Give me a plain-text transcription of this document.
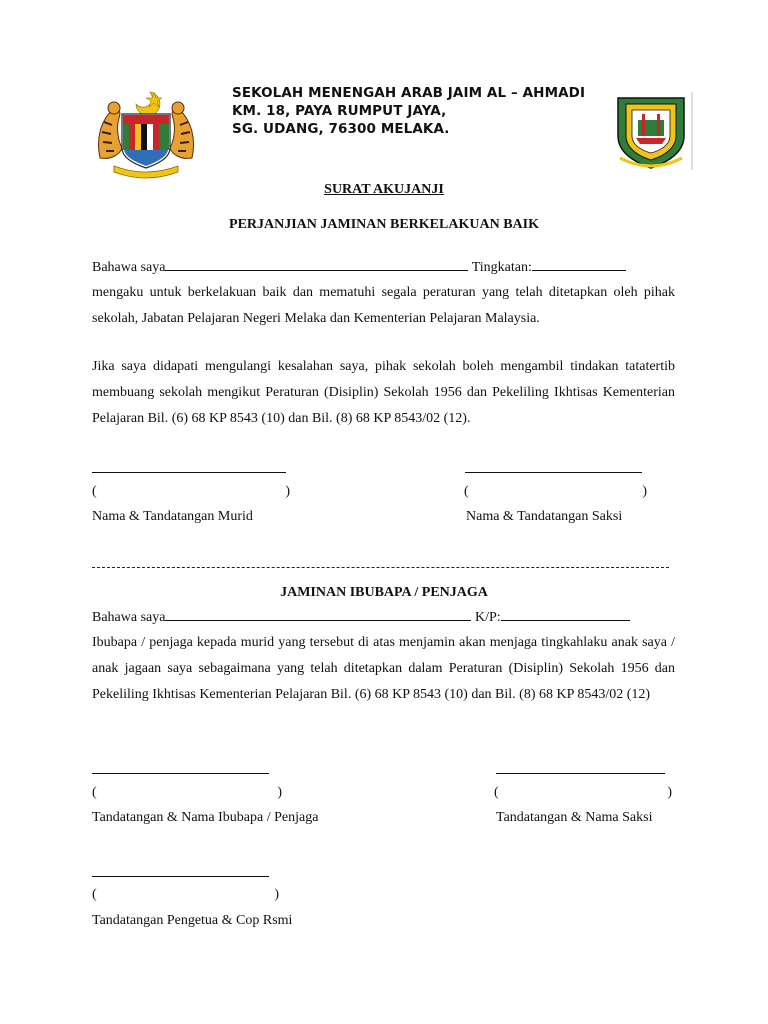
SEKOLAH MENENGAH ARAB JAIM AL – AHMADI
KM. 18, PAYA RUMPUT JAYA,
SG. UDANG, 76300 MELAKA.
SURAT AKUJANJI
PERJANJIAN JAMINAN BERKELAKUAN BAIK
Bahawa saya	Tingkatan:
mengaku untuk berkelakuan baik dan mematuhi segala peraturan yang telah ditetapkan oleh pihak sekolah, Jabatan Pelajaran Negeri Melaka dan Kementerian Pelajaran Malaysia.
Jika saya didapati mengulangi kesalahan saya, pihak sekolah boleh mengambil tindakan tatatertib membuang sekolah mengikut Peraturan (Disiplin) Sekolah 1956 dan Pekeliling Ikhtisas Kementerian Pelajaran Bil. (6) 68 KP 8543 (10) dan Bil. (8) 68 KP 8543/02 (12).
(	)
Nama & Tandatangan Murid
(	)
Nama & Tandatangan Saksi
JAMINAN IBUBAPA / PENJAGA
Bahawa saya	K/P:
Ibubapa / penjaga kepada murid yang tersebut di atas menjamin akan menjaga tingkahlaku anak saya / anak jagaan saya sebagaimana yang telah ditetapkan dalam Peraturan (Disiplin) Sekolah 1956 dan Pekeliling Ikhtisas Kementerian Pelajaran Bil. (6) 68 KP 8543 (10) dan Bil. (8) 68 KP 8543/02 (12)
(	)
Tandatangan & Nama Ibubapa / Penjaga
(	)
Tandatangan & Nama Saksi
(	)
Tandatangan Pengetua & Cop Rsmi
